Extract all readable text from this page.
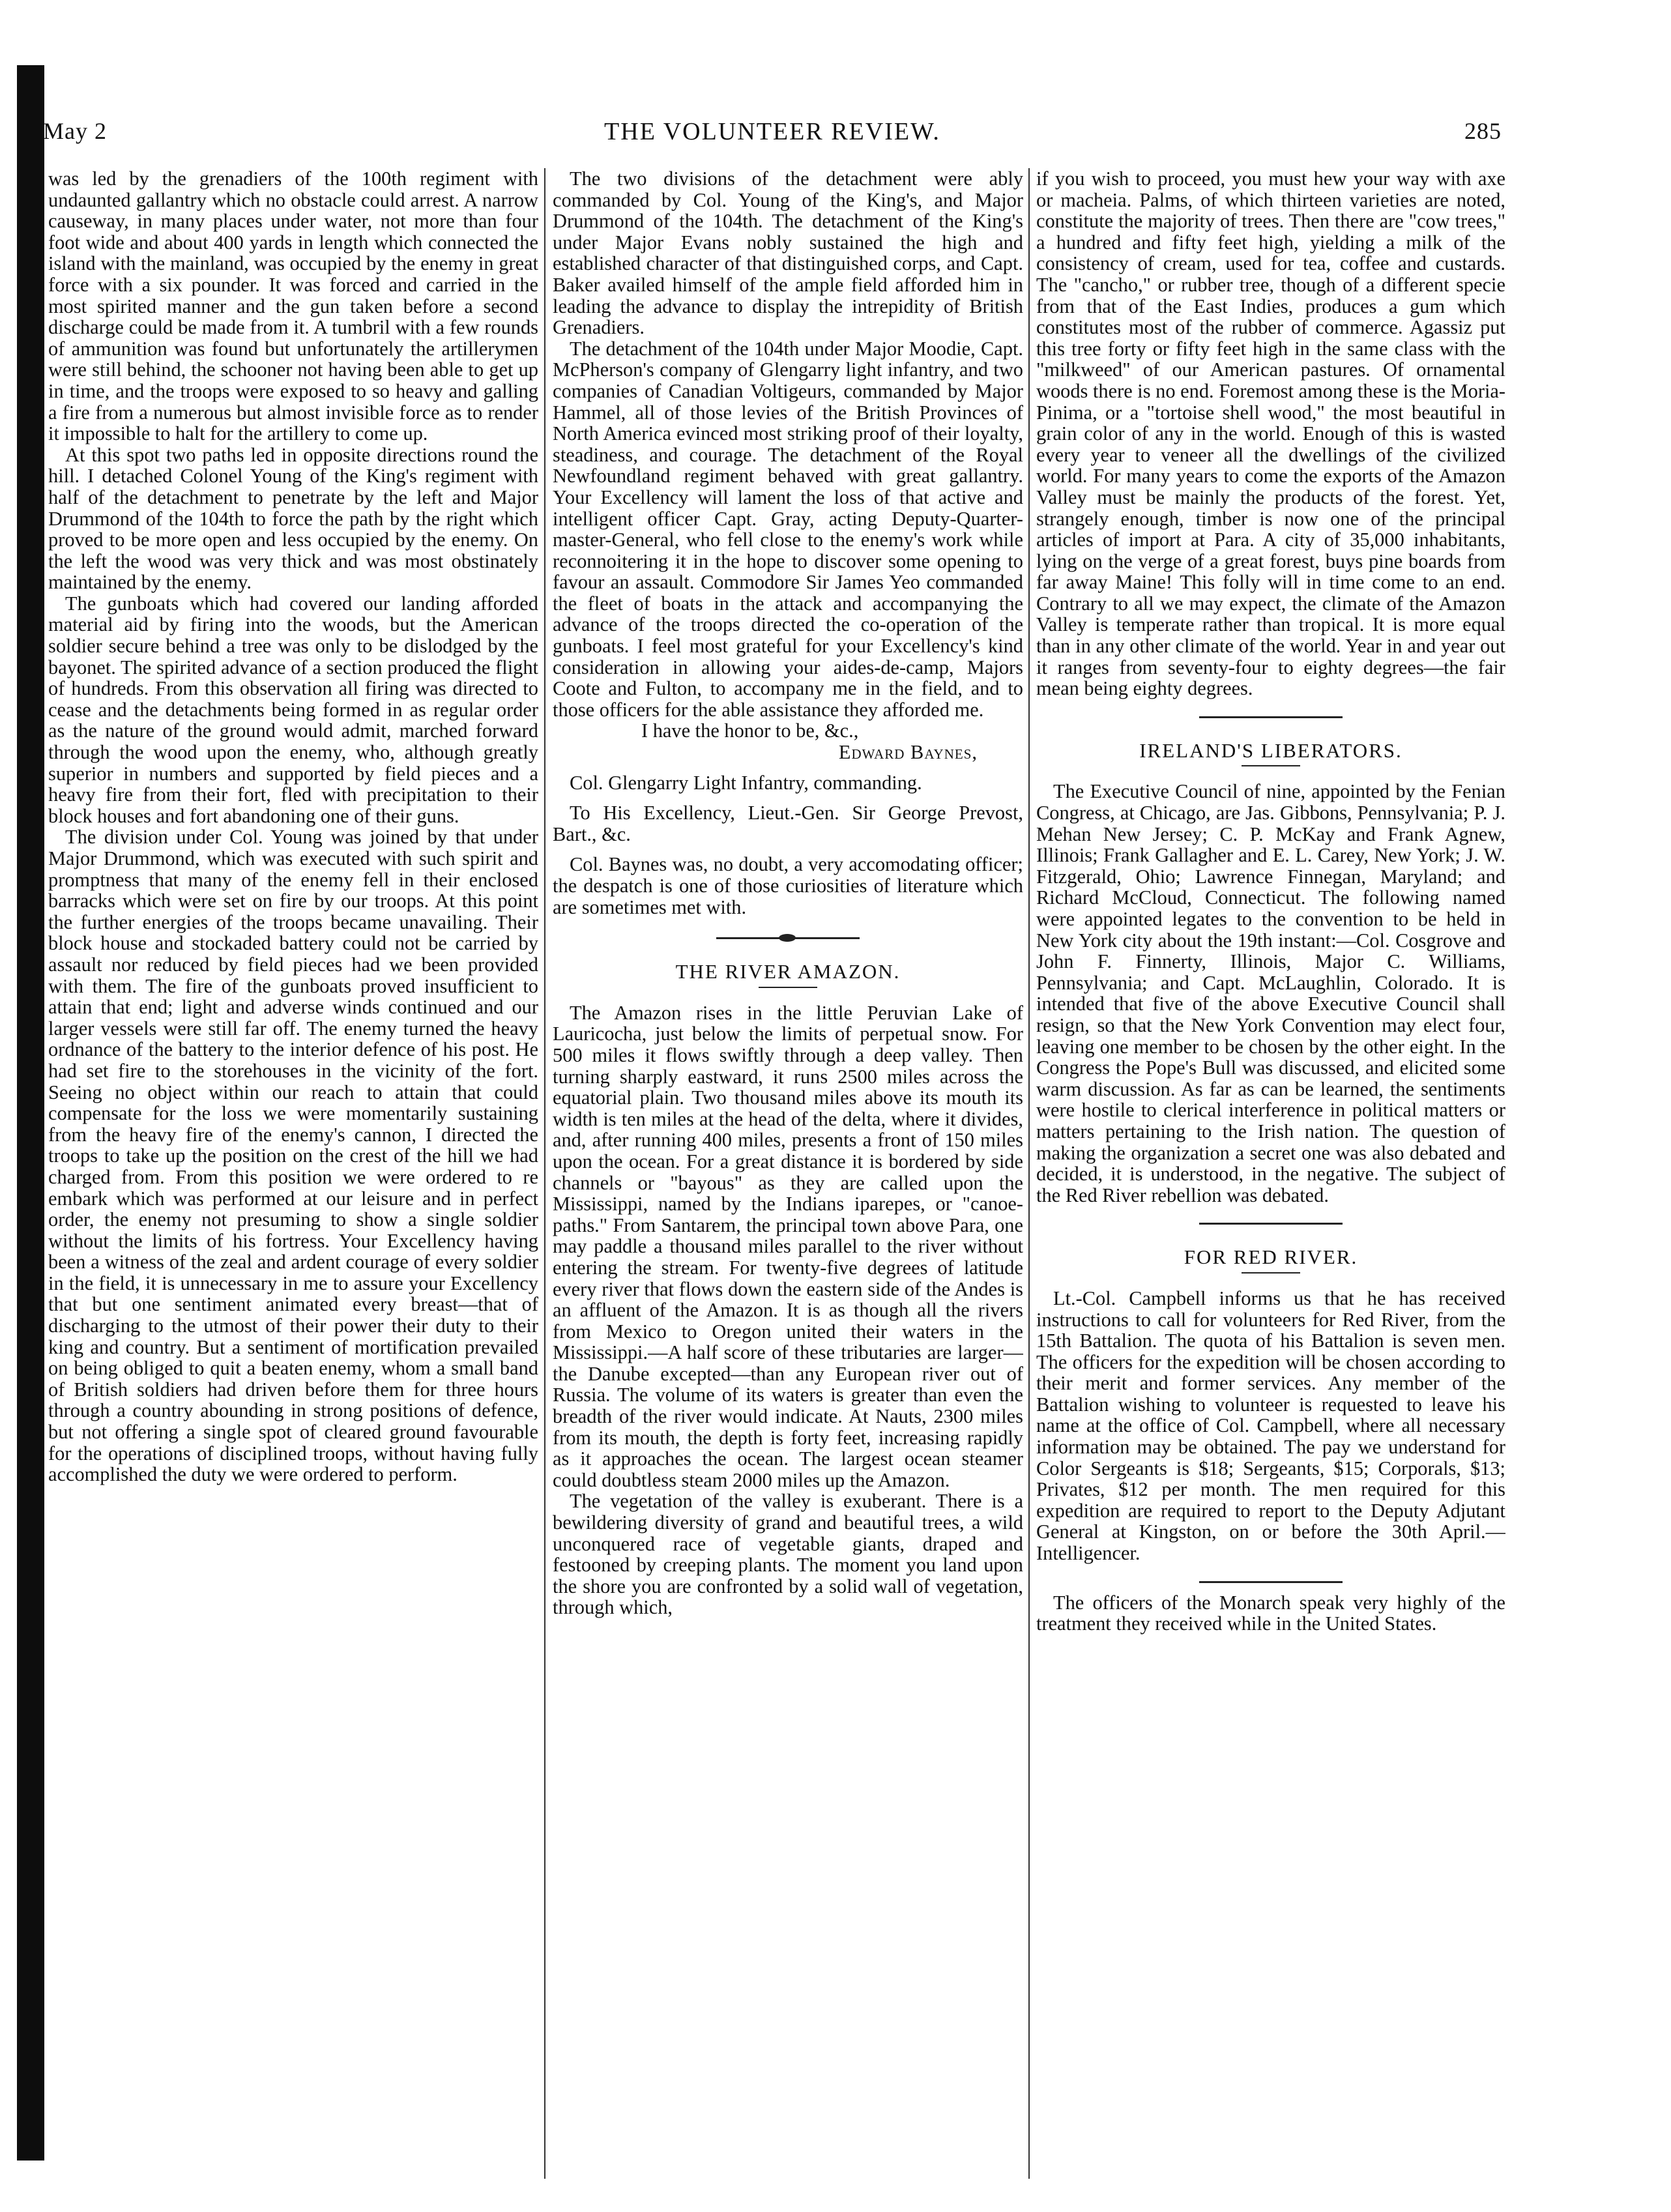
May 2	THE VOLUNTEER REVIEW.	285

was led by the grenadiers of the 100th regiment with undaunted gallantry which no obstacle could arrest. A narrow causeway, in many places under water, not more than four foot wide and about 400 yards in length which connected the island with the mainland, was occupied by the enemy in great force with a six pounder. It was forced and carried in the most spirited manner and the gun taken before a second discharge could be made from it. A tumbril with a few rounds of ammunition was found but unfortunately the artillerymen were still behind, the schooner not having been able to get up in time, and the troops were exposed to so heavy and galling a fire from a numerous but almost invisible force as to render it impossible to halt for the artillery to come up.

At this spot two paths led in opposite directions round the hill. I detached Colonel Young of the King's regiment with half of the detachment to penetrate by the left and Major Drummond of the 104th to force the path by the right which proved to be more open and less occupied by the enemy. On the left the wood was very thick and was most obstinately maintained by the enemy.

The gunboats which had covered our landing afforded material aid by firing into the woods, but the American soldier secure behind a tree was only to be dislodged by the bayonet. The spirited advance of a section produced the flight of hundreds. From this observation all firing was directed to cease and the detachments being formed in as regular order as the nature of the ground would admit, marched forward through the wood upon the enemy, who, although greatly superior in numbers and supported by field pieces and a heavy fire from their fort, fled with precipitation to their block houses and fort abandoning one of their guns.

The division under Col. Young was joined by that under Major Drummond, which was executed with such spirit and promptness that many of the enemy fell in their enclosed barracks which were set on fire by our troops. At this point the further energies of the troops became unavailing. Their block house and stockaded battery could not be carried by assault nor reduced by field pieces had we been provided with them. The fire of the gunboats proved insufficient to attain that end; light and adverse winds continued and our larger vessels were still far off. The enemy turned the heavy ordnance of the battery to the interior defence of his post. He had set fire to the storehouses in the vicinity of the fort. Seeing no object within our reach to attain that could compensate for the loss we were momentarily sustaining from the heavy fire of the enemy's cannon, I directed the troops to take up the position on the crest of the hill we had charged from. From this position we were ordered to re embark which was performed at our leisure and in perfect order, the enemy not presuming to show a single soldier without the limits of his fortress. Your Excellency having been a witness of the zeal and ardent courage of every soldier in the field, it is unnecessary in me to assure your Excellency that but one sentiment animated every breast—that of discharging to the utmost of their power their duty to their king and country. But a sentiment of mortification prevailed on being obliged to quit a beaten enemy, whom a small band of British soldiers had driven before them for three hours through a country abounding in strong positions of defence, but not offering a single spot of cleared ground favourable for the operations of disciplined troops, without having fully accomplished the duty we were ordered to perform.

The two divisions of the detachment were ably commanded by Col. Young of the King's, and Major Drummond of the 104th. The detachment of the King's under Major Evans nobly sustained the high and established character of that distinguished corps, and Capt. Baker availed himself of the ample field afforded him in leading the advance to display the intrepidity of British Grenadiers.

The detachment of the 104th under Major Moodie, Capt. McPherson's company of Glengarry light infantry, and two companies of Canadian Voltigeurs, commanded by Major Hammel, all of those levies of the British Provinces of North America evinced most striking proof of their loyalty, steadiness, and courage. The detachment of the Royal Newfoundland regiment behaved with great gallantry. Your Excellency will lament the loss of that active and intelligent officer Capt. Gray, acting Deputy-Quarter-master-General, who fell close to the enemy's work while reconnoitering it in the hope to discover some opening to favour an assault. Commodore Sir James Yeo commanded the fleet of boats in the attack and accompanying the advance of the troops directed the co-operation of the gunboats. I feel most grateful for your Excellency's kind consideration in allowing your aides-de-camp, Majors Coote and Fulton, to accompany me in the field, and to those officers for the able assistance they afforded me.

I have the honor to be, &c.,

Edward Baynes,

Col. Glengarry Light Infantry, commanding.

To His Excellency, Lieut.-Gen. Sir George Prevost, Bart., &c.

Col. Baynes was, no doubt, a very accomodating officer; the despatch is one of those curiosities of literature which are sometimes met with.

THE RIVER AMAZON.

The Amazon rises in the little Peruvian Lake of Lauricocha, just below the limits of perpetual snow. For 500 miles it flows swiftly through a deep valley. Then turning sharply eastward, it runs 2500 miles across the equatorial plain. Two thousand miles above its mouth its width is ten miles at the head of the delta, where it divides, and, after running 400 miles, presents a front of 150 miles upon the ocean. For a great distance it is bordered by side channels or "bayous" as they are called upon the Mississippi, named by the Indians iparepes, or "canoe-paths." From Santarem, the principal town above Para, one may paddle a thousand miles parallel to the river without entering the stream. For twenty-five degrees of latitude every river that flows down the eastern side of the Andes is an affluent of the Amazon. It is as though all the rivers from Mexico to Oregon united their waters in the Mississippi.—A half score of these tributaries are larger—the Danube excepted—than any European river out of Russia. The volume of its waters is greater than even the breadth of the river would indicate. At Nauts, 2300 miles from its mouth, the depth is forty feet, increasing rapidly as it approaches the ocean. The largest ocean steamer could doubtless steam 2000 miles up the Amazon.

The vegetation of the valley is exuberant. There is a bewildering diversity of grand and beautiful trees, a wild unconquered race of vegetable giants, draped and festooned by creeping plants. The moment you land upon the shore you are confronted by a solid wall of vegetation, through which,

if you wish to proceed, you must hew your way with axe or macheia. Palms, of which thirteen varieties are noted, constitute the majority of trees. Then there are "cow trees," a hundred and fifty feet high, yielding a milk of the consistency of cream, used for tea, coffee and custards. The "cancho," or rubber tree, though of a different specie from that of the East Indies, produces a gum which constitutes most of the rubber of commerce. Agassiz put this tree forty or fifty feet high in the same class with the "milkweed" of our American pastures. Of ornamental woods there is no end. Foremost among these is the Moria-Pinima, or a "tortoise shell wood," the most beautiful in grain color of any in the world. Enough of this is wasted every year to veneer all the dwellings of the civilized world. For many years to come the exports of the Amazon Valley must be mainly the products of the forest. Yet, strangely enough, timber is now one of the principal articles of import at Para. A city of 35,000 inhabitants, lying on the verge of a great forest, buys pine boards from far away Maine! This folly will in time come to an end. Contrary to all we may expect, the climate of the Amazon Valley is temperate rather than tropical. It is more equal than in any other climate of the world. Year in and year out it ranges from seventy-four to eighty degrees—the fair mean being eighty degrees.

IRELAND'S LIBERATORS.

The Executive Council of nine, appointed by the Fenian Congress, at Chicago, are Jas. Gibbons, Pennsylvania; P. J. Mehan New Jersey; C. P. McKay and Frank Agnew, Illinois; Frank Gallagher and E. L. Carey, New York; J. W. Fitzgerald, Ohio; Lawrence Finnegan, Maryland; and Richard McCloud, Connecticut. The following named were appointed legates to the convention to be held in New York city about the 19th instant:—Col. Cosgrove and John F. Finnerty, Illinois, Major C. Williams, Pennsylvania; and Capt. McLaughlin, Colorado. It is intended that five of the above Executive Council shall resign, so that the New York Convention may elect four, leaving one member to be chosen by the other eight. In the Congress the Pope's Bull was discussed, and elicited some warm discussion. As far as can be learned, the sentiments were hostile to clerical interference in political matters or matters pertaining to the Irish nation. The question of making the organization a secret one was also debated and decided, it is understood, in the negative. The subject of the Red River rebellion was debated.

FOR RED RIVER.

Lt.-Col. Campbell informs us that he has received instructions to call for volunteers for Red River, from the 15th Battalion. The quota of his Battalion is seven men. The officers for the expedition will be chosen according to their merit and former services. Any member of the Battalion wishing to volunteer is requested to leave his name at the office of Col. Campbell, where all necessary information may be obtained. The pay we understand for Color Sergeants is $18; Sergeants, $15; Corporals, $13; Privates, $12 per month. The men required for this expedition are required to report to the Deputy Adjutant General at Kingston, on or before the 30th April.—Intelligencer.

The officers of the Monarch speak very highly of the treatment they received while in the United States.
